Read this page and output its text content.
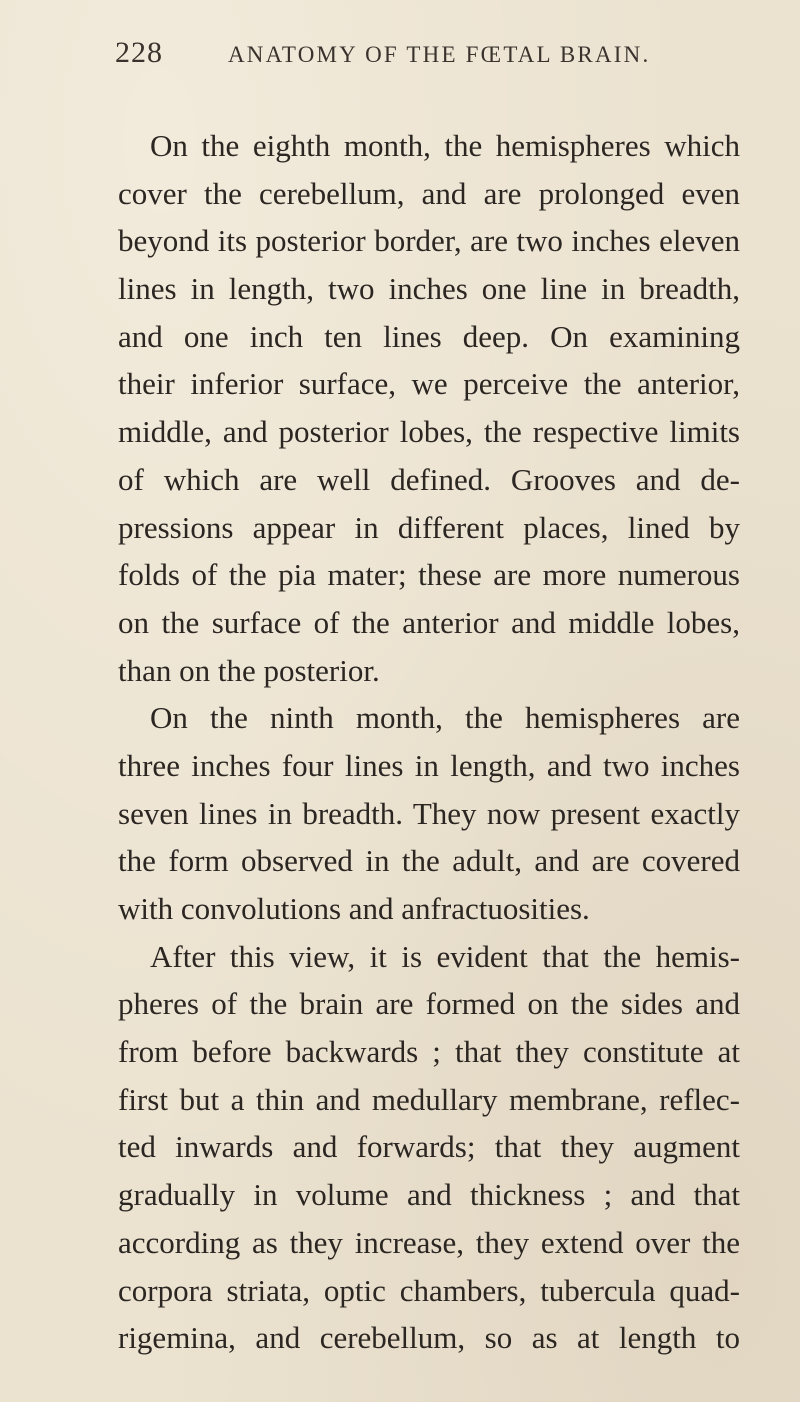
228	ANATOMY OF THE FŒTAL BRAIN.
On the eighth month, the hemispheres which
cover the cerebellum, and are prolonged even
beyond its posterior border, are two inches eleven
lines in length, two inches one line in breadth,
and one inch ten lines deep. On examining
their inferior surface, we perceive the anterior,
middle, and posterior lobes, the respective limits
of which are well defined. Grooves and de-
pressions appear in different places, lined by
folds of the pia mater; these are more numerous
on the surface of the anterior and middle lobes,
than on the posterior.
On the ninth month, the hemispheres are
three inches four lines in length, and two inches
seven lines in breadth. They now present exactly
the form observed in the adult, and are covered
with convolutions and anfractuosities.
After this view, it is evident that the hemis-
pheres of the brain are formed on the sides and
from before backwards ; that they constitute at
first but a thin and medullary membrane, reflec-
ted inwards and forwards; that they augment
gradually in volume and thickness ; and that
according as they increase, they extend over the
corpora striata, optic chambers, tubercula quad-
rigemina, and cerebellum, so as at length to
